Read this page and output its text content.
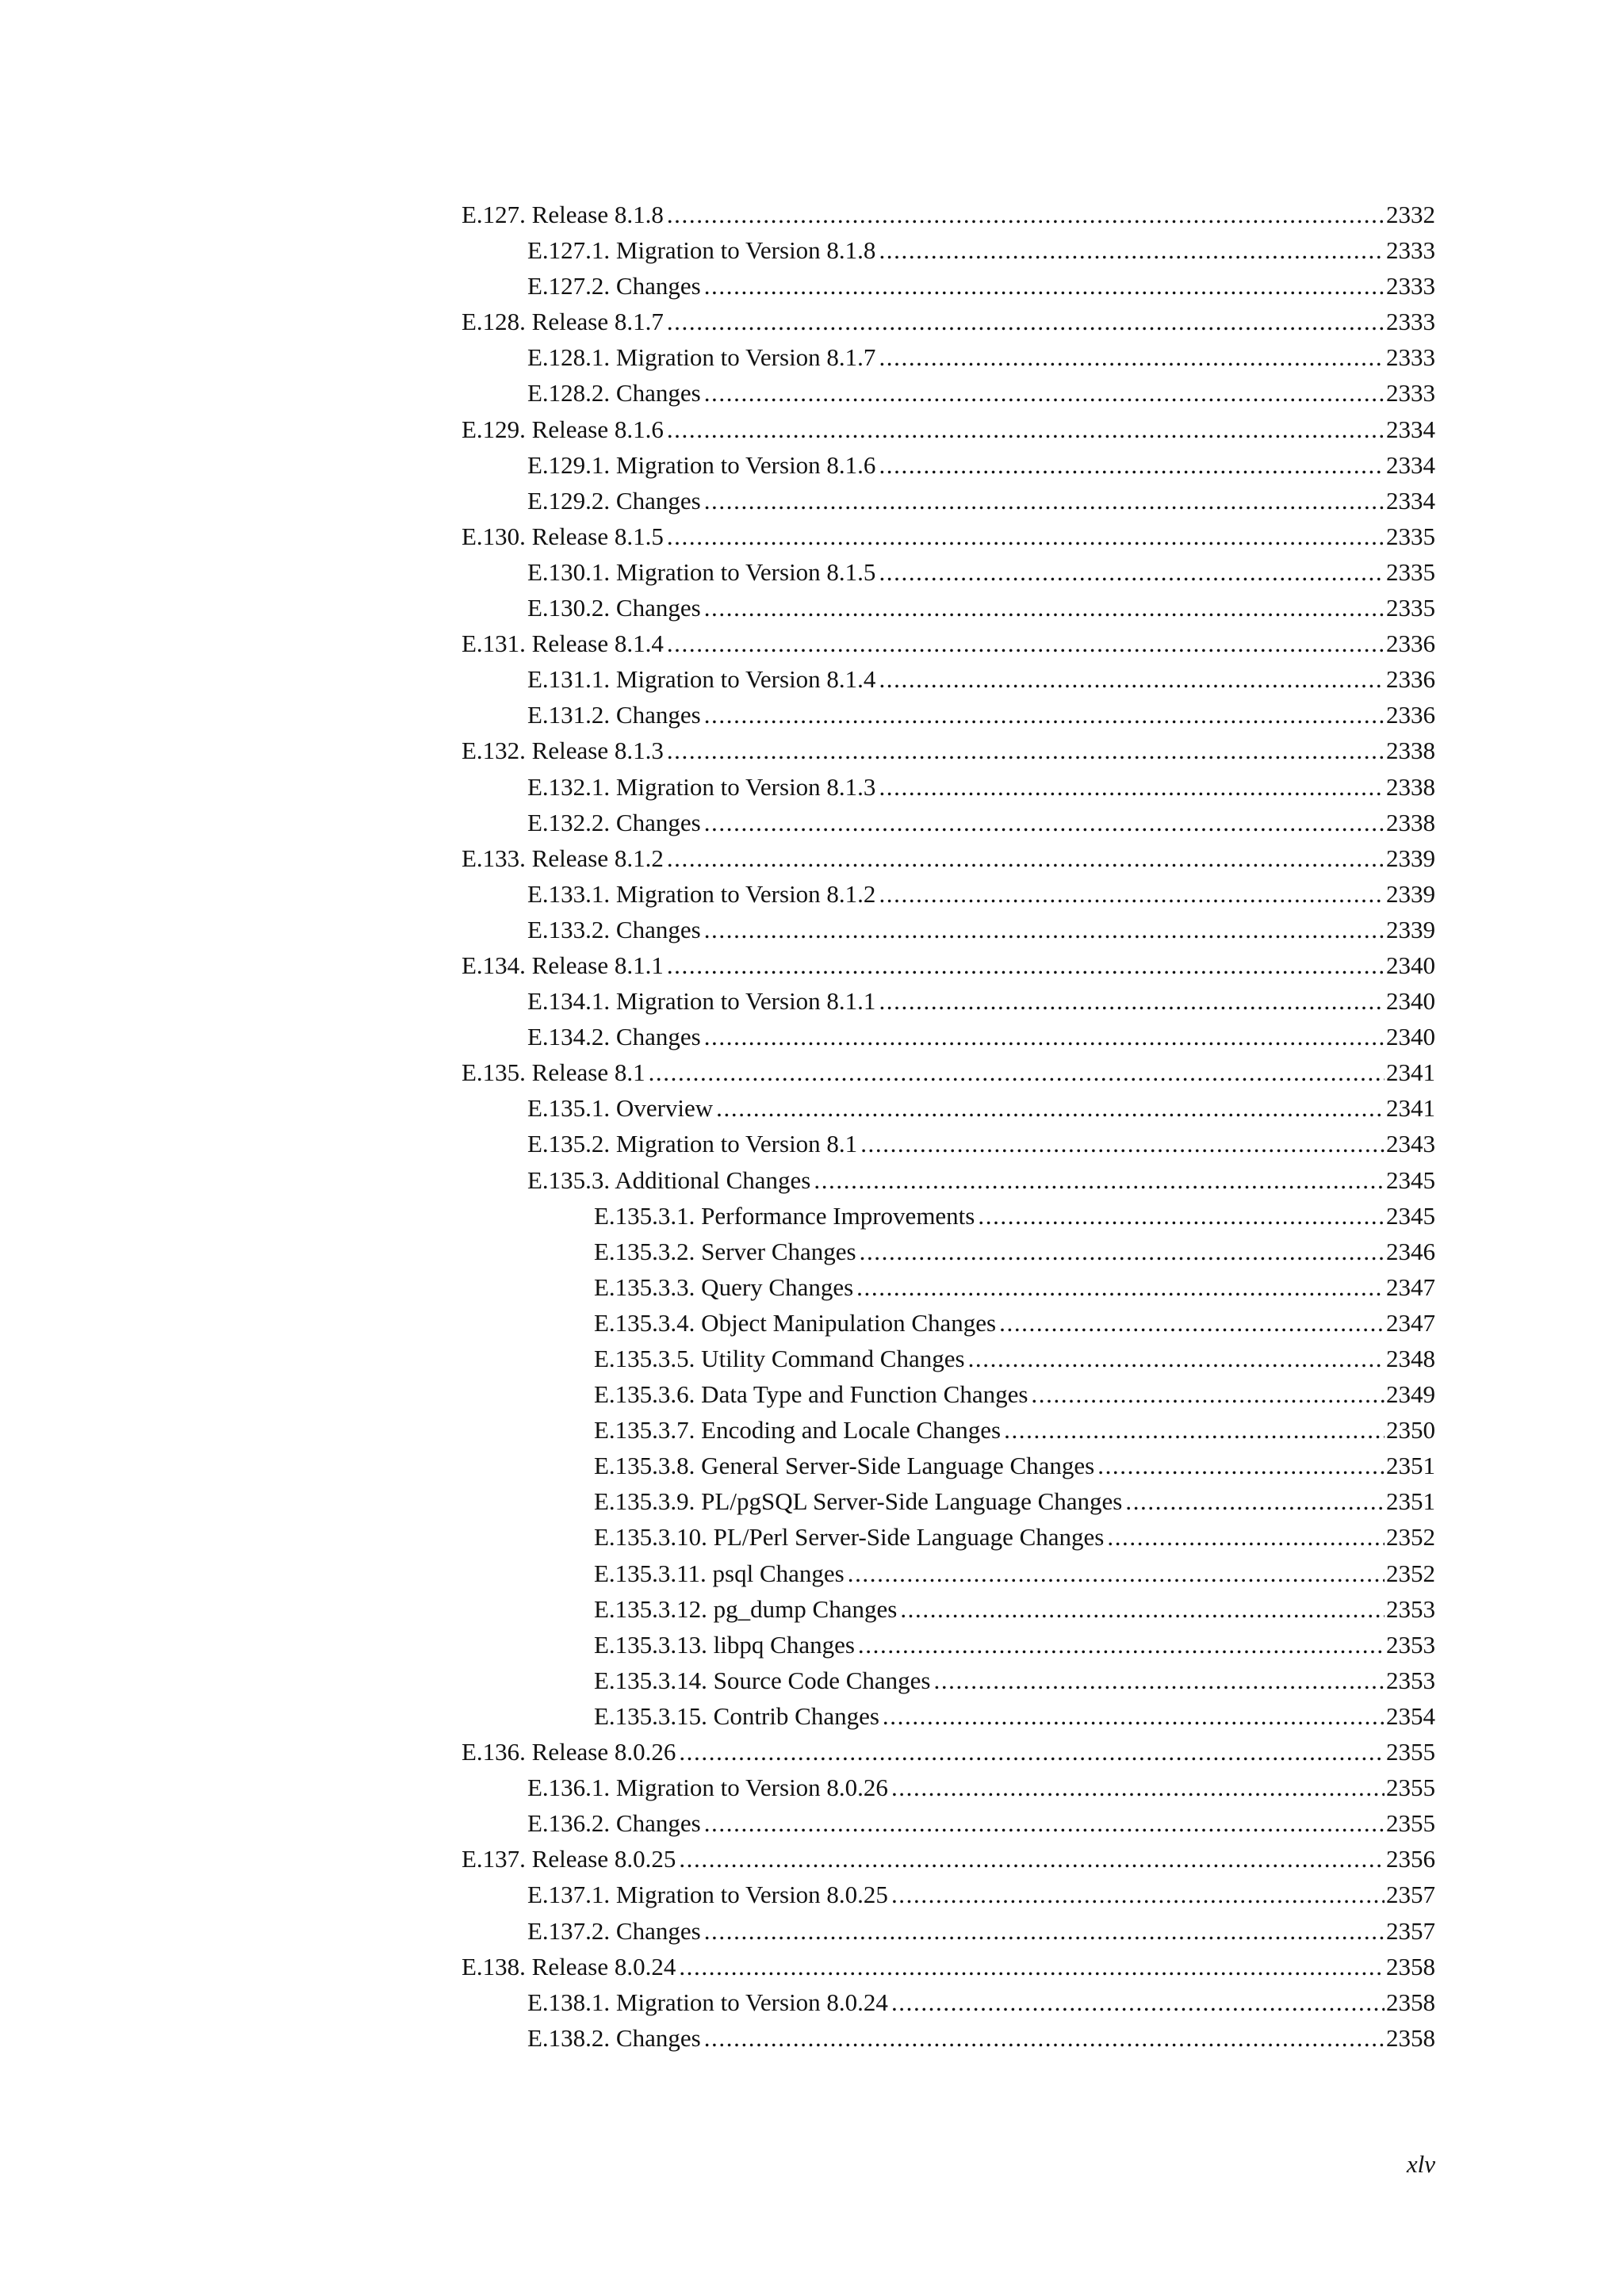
E.127. Release 8.1.8 .....	2332
E.127.1. Migration to Version 8.1.8 .....	2333
E.127.2. Changes .....	2333
E.128. Release 8.1.7 .....	2333
E.128.1. Migration to Version 8.1.7 .....	2333
E.128.2. Changes .....	2333
E.129. Release 8.1.6 .....	2334
E.129.1. Migration to Version 8.1.6 .....	2334
E.129.2. Changes .....	2334
E.130. Release 8.1.5 .....	2335
E.130.1. Migration to Version 8.1.5 .....	2335
E.130.2. Changes .....	2335
E.131. Release 8.1.4 .....	2336
E.131.1. Migration to Version 8.1.4 .....	2336
E.131.2. Changes .....	2336
E.132. Release 8.1.3 .....	2338
E.132.1. Migration to Version 8.1.3 .....	2338
E.132.2. Changes .....	2338
E.133. Release 8.1.2 .....	2339
E.133.1. Migration to Version 8.1.2 .....	2339
E.133.2. Changes .....	2339
E.134. Release 8.1.1 .....	2340
E.134.1. Migration to Version 8.1.1 .....	2340
E.134.2. Changes .....	2340
E.135. Release 8.1 .....	2341
E.135.1. Overview .....	2341
E.135.2. Migration to Version 8.1 .....	2343
E.135.3. Additional Changes .....	2345
E.135.3.1. Performance Improvements .....	2345
E.135.3.2. Server Changes .....	2346
E.135.3.3. Query Changes .....	2347
E.135.3.4. Object Manipulation Changes .....	2347
E.135.3.5. Utility Command Changes .....	2348
E.135.3.6. Data Type and Function Changes .....	2349
E.135.3.7. Encoding and Locale Changes .....	2350
E.135.3.8. General Server-Side Language Changes .....	2351
E.135.3.9. PL/pgSQL Server-Side Language Changes .....	2351
E.135.3.10. PL/Perl Server-Side Language Changes .....	2352
E.135.3.11. psql Changes .....	2352
E.135.3.12. pg_dump Changes .....	2353
E.135.3.13. libpq Changes .....	2353
E.135.3.14. Source Code Changes .....	2353
E.135.3.15. Contrib Changes .....	2354
E.136. Release 8.0.26 .....	2355
E.136.1. Migration to Version 8.0.26 .....	2355
E.136.2. Changes .....	2355
E.137. Release 8.0.25 .....	2356
E.137.1. Migration to Version 8.0.25 .....	2357
E.137.2. Changes .....	2357
E.138. Release 8.0.24 .....	2358
E.138.1. Migration to Version 8.0.24 .....	2358
E.138.2. Changes .....	2358
xlv
